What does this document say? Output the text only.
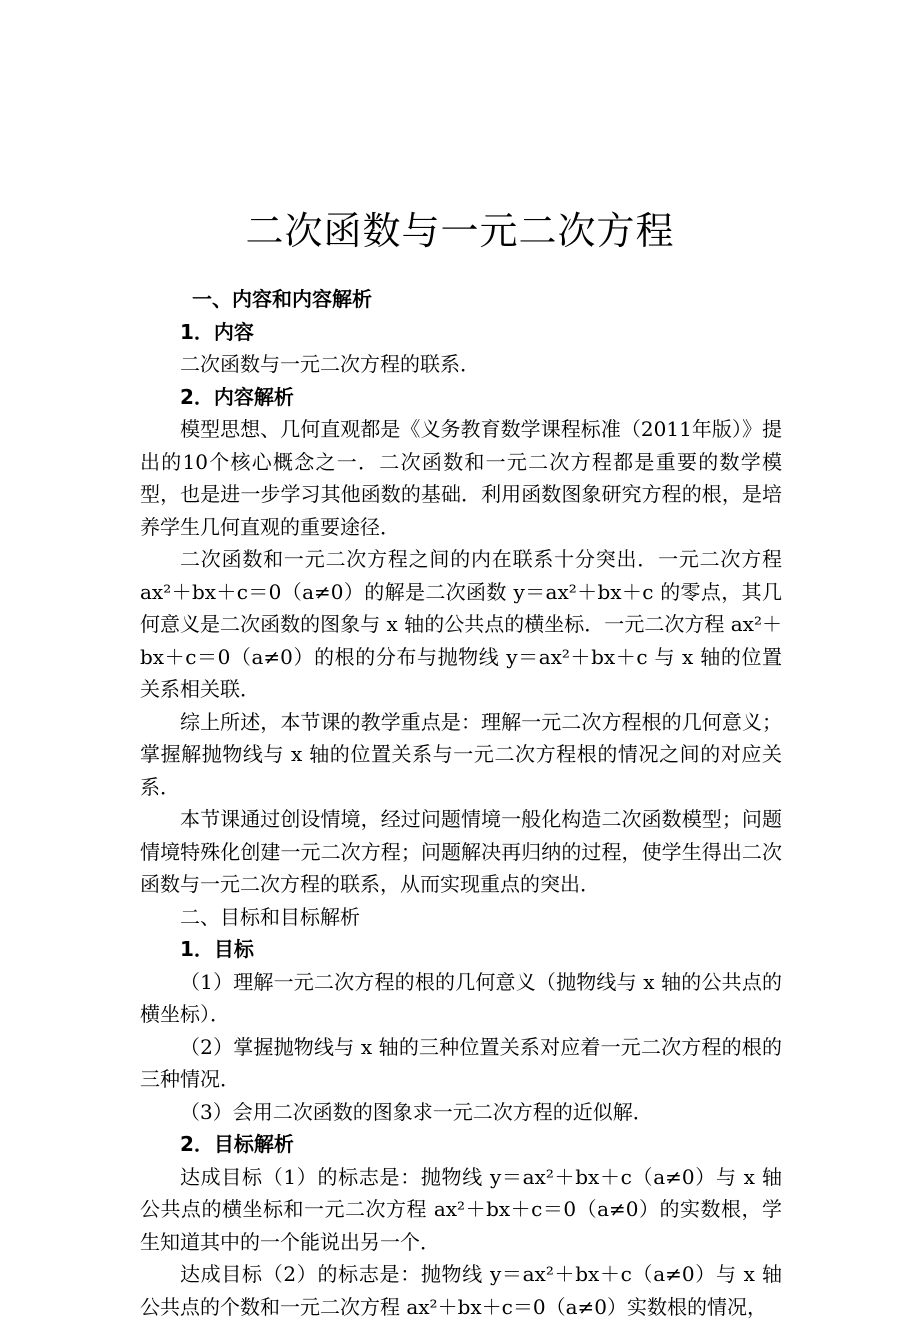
二次函数与一元二次方程

一、内容和内容解析

1．内容

二次函数与一元二次方程的联系．

2．内容解析

模型思想、几何直观都是《义务教育数学课程标准（2011年版）》提出的10个核心概念之一．二次函数和一元二次方程都是重要的数学模型，也是进一步学习其他函数的基础．利用函数图象研究方程的根，是培养学生几何直观的重要途径．

二次函数和一元二次方程之间的内在联系十分突出．一元二次方程 ax²＋bx＋c＝0（a≠0）的解是二次函数 y＝ax²＋bx＋c 的零点，其几何意义是二次函数的图象与 x 轴的公共点的横坐标．一元二次方程 ax²＋bx＋c＝0（a≠0）的根的分布与抛物线 y＝ax²＋bx＋c 与 x 轴的位置关系相关联．

综上所述，本节课的教学重点是：理解一元二次方程根的几何意义；掌握解抛物线与 x 轴的位置关系与一元二次方程根的情况之间的对应关系．

本节课通过创设情境，经过问题情境一般化构造二次函数模型；问题情境特殊化创建一元二次方程；问题解决再归纳的过程，使学生得出二次函数与一元二次方程的联系，从而实现重点的突出．

二、目标和目标解析

1．目标

（1）理解一元二次方程的根的几何意义（抛物线与 x 轴的公共点的横坐标）．

（2）掌握抛物线与 x 轴的三种位置关系对应着一元二次方程的根的三种情况．

（3）会用二次函数的图象求一元二次方程的近似解．

2．目标解析

达成目标（1）的标志是：抛物线 y＝ax²＋bx＋c（a≠0）与 x 轴公共点的横坐标和一元二次方程 ax²＋bx＋c＝0（a≠0）的实数根，学生知道其中的一个能说出另一个．

达成目标（2）的标志是：抛物线 y＝ax²＋bx＋c（a≠0）与 x 轴公共点的个数和一元二次方程 ax²＋bx＋c＝0（a≠0）实数根的情况，
